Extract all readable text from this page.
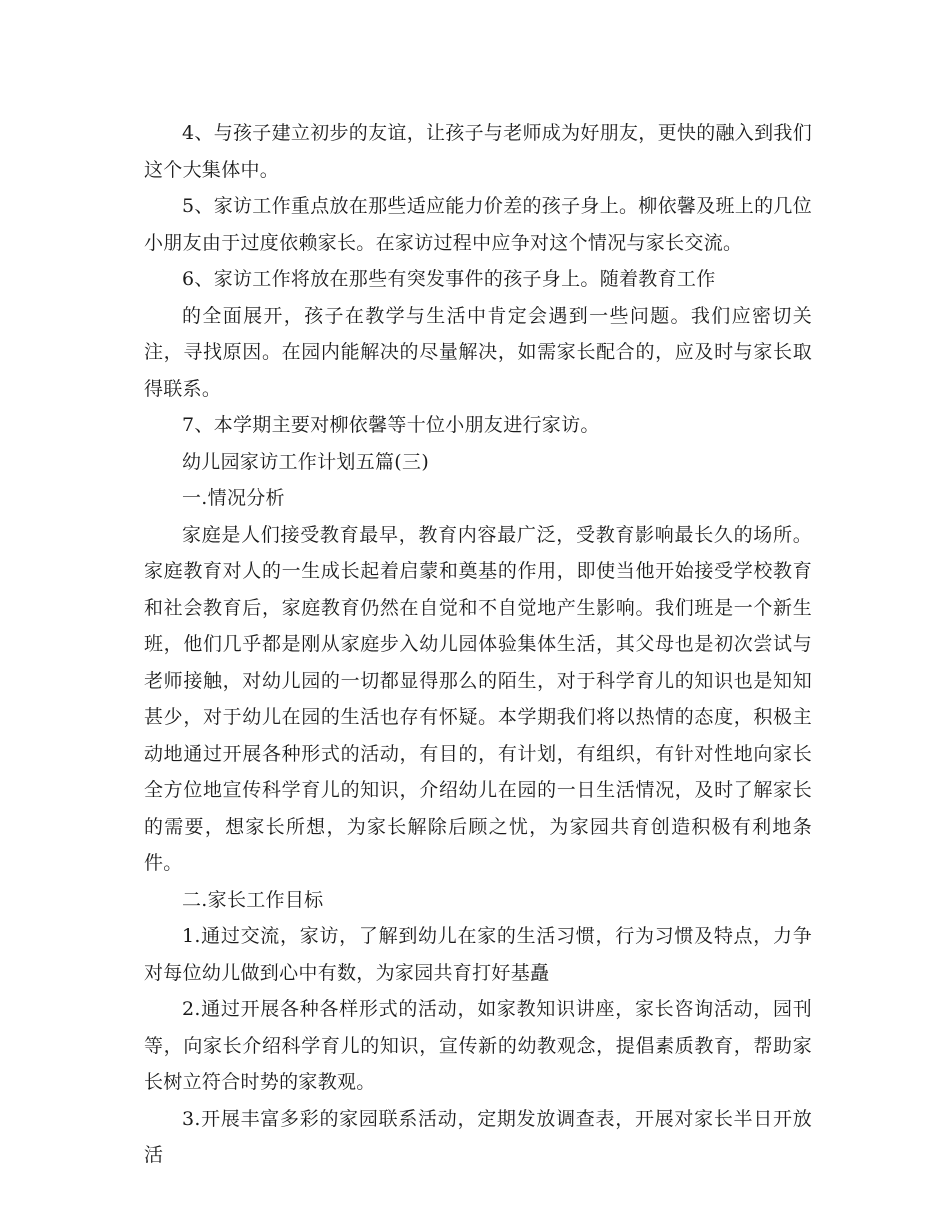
4、与孩子建立初步的友谊，让孩子与老师成为好朋友，更快的融入到我们这个大集体中。

5、家访工作重点放在那些适应能力价差的孩子身上。柳依馨及班上的几位小朋友由于过度依赖家长。在家访过程中应争对这个情况与家长交流。

6、家访工作将放在那些有突发事件的孩子身上。随着教育工作

的全面展开，孩子在教学与生活中肯定会遇到一些问题。我们应密切关注，寻找原因。在园内能解决的尽量解决，如需家长配合的，应及时与家长取得联系。

7、本学期主要对柳依馨等十位小朋友进行家访。

幼儿园家访工作计划五篇(三)

一.情况分析

家庭是人们接受教育最早，教育内容最广泛，受教育影响最长久的场所。家庭教育对人的一生成长起着启蒙和奠基的作用，即使当他开始接受学校教育和社会教育后，家庭教育仍然在自觉和不自觉地产生影响。我们班是一个新生班，他们几乎都是刚从家庭步入幼儿园体验集体生活，其父母也是初次尝试与老师接触，对幼儿园的一切都显得那么的陌生，对于科学育儿的知识也是知知甚少，对于幼儿在园的生活也存有怀疑。本学期我们将以热情的态度，积极主动地通过开展各种形式的活动，有目的，有计划，有组织，有针对性地向家长全方位地宣传科学育儿的知识，介绍幼儿在园的一日生活情况，及时了解家长的需要，想家长所想，为家长解除后顾之忧，为家园共育创造积极有利地条件。

二.家长工作目标

1.通过交流，家访，了解到幼儿在家的生活习惯，行为习惯及特点，力争对每位幼儿做到心中有数，为家园共育打好基矗

2.通过开展各种各样形式的活动，如家教知识讲座，家长咨询活动，园刊等，向家长介绍科学育儿的知识，宣传新的幼教观念，提倡素质教育，帮助家长树立符合时势的家教观。

3.开展丰富多彩的家园联系活动，定期发放调查表，开展对家长半日开放活
